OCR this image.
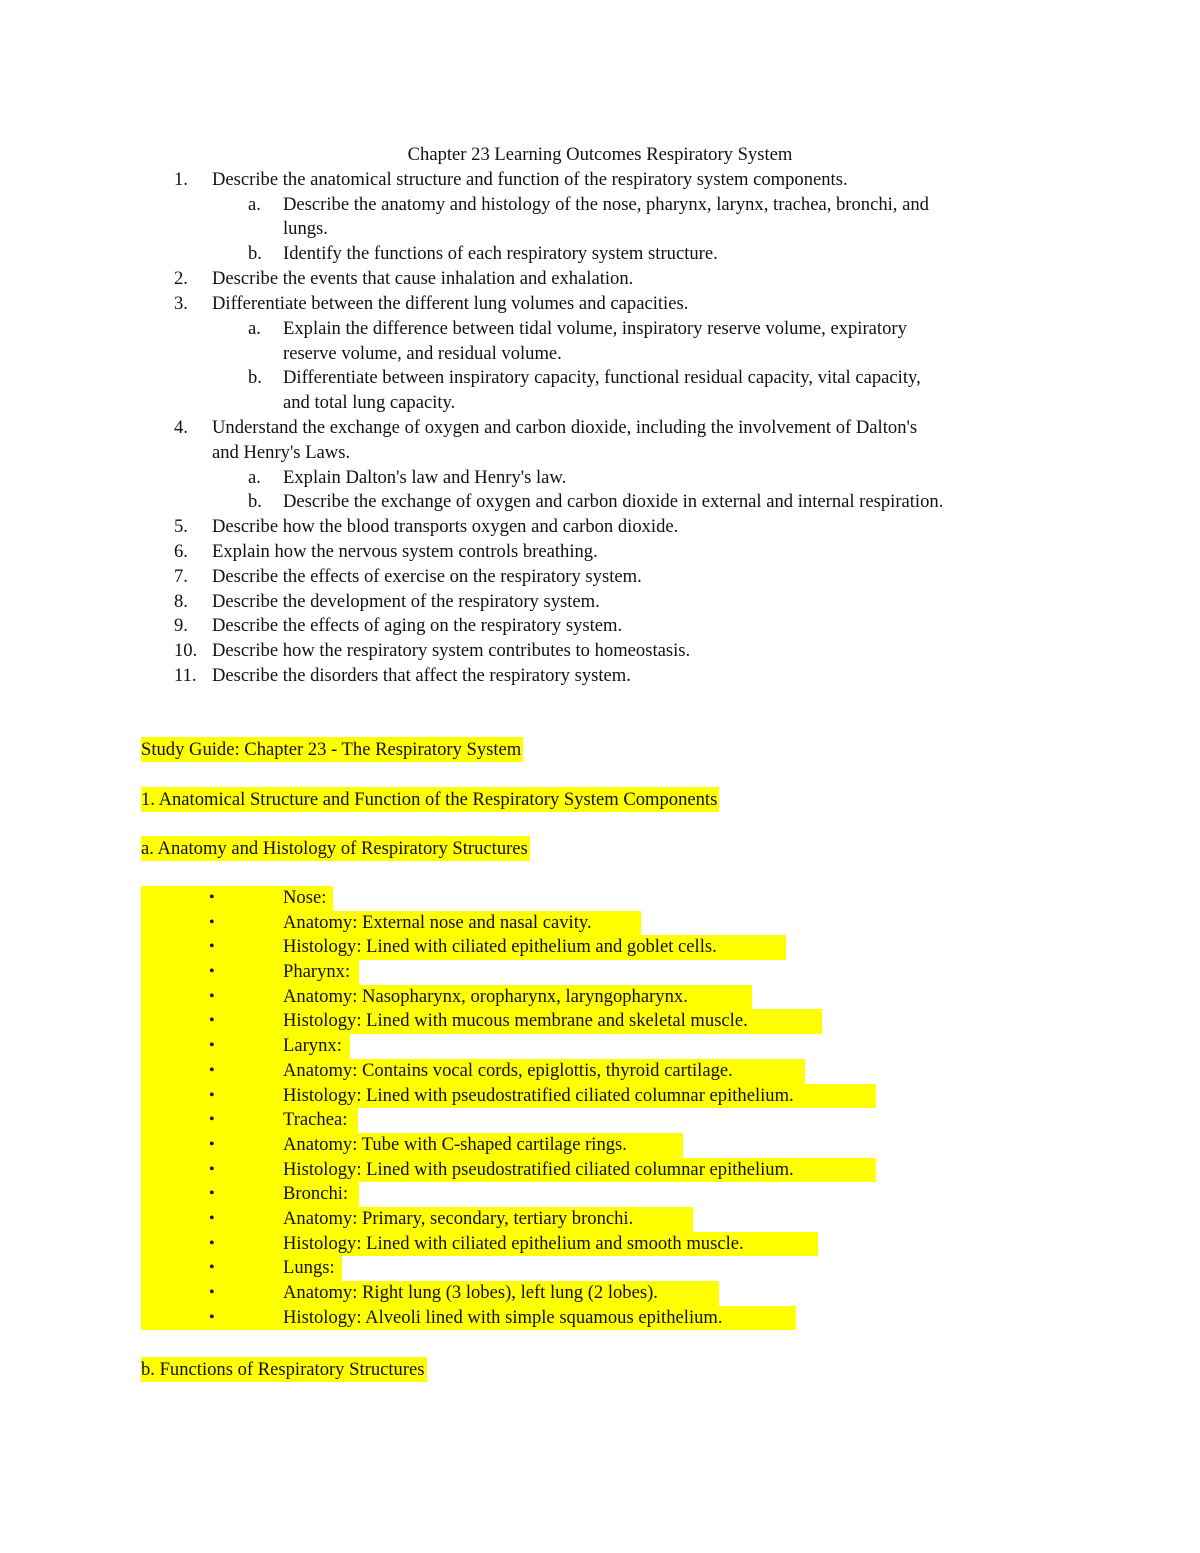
Chapter 23 Learning Outcomes Respiratory System
1.	Describe the anatomical structure and function of the respiratory system components.
a. Describe the anatomy and histology of the nose, pharynx, larynx, trachea, bronchi, and
lungs.
b. Identify the functions of each respiratory system structure.
2.	Describe the events that cause inhalation and exhalation.
3.	Differentiate between the different lung volumes and capacities.
a. Explain the difference between tidal volume, inspiratory reserve volume, expiratory
reserve volume, and residual volume.
b. Differentiate between inspiratory capacity, functional residual capacity, vital capacity,
and total lung capacity.
4.	Understand the exchange of oxygen and carbon dioxide, including the involvement of Dalton's
and Henry's Laws.
a. Explain Dalton's law and Henry's law.
b. Describe the exchange of oxygen and carbon dioxide in external and internal respiration.
5.	Describe how the blood transports oxygen and carbon dioxide.
6.	Explain how the nervous system controls breathing.
7.	Describe the effects of exercise on the respiratory system.
8.	Describe the development of the respiratory system.
9.	Describe the effects of aging on the respiratory system.
10. Describe how the respiratory system contributes to homeostasis.
11. Describe the disorders that affect the respiratory system.
Study Guide: Chapter 23 - The Respiratory System
1. Anatomical Structure and Function of the Respiratory System Components
a. Anatomy and Histology of Respiratory Structures
•	Nose:
•	Anatomy: External nose and nasal cavity.
•	Histology: Lined with ciliated epithelium and goblet cells.
•	Pharynx:
•	Anatomy: Nasopharynx, oropharynx, laryngopharynx.
•	Histology: Lined with mucous membrane and skeletal muscle.
•	Larynx:
•	Anatomy: Contains vocal cords, epiglottis, thyroid cartilage.
•	Histology: Lined with pseudostratified ciliated columnar epithelium.
•	Trachea:
•	Anatomy: Tube with C-shaped cartilage rings.
•	Histology: Lined with pseudostratified ciliated columnar epithelium.
•	Bronchi:
•	Anatomy: Primary, secondary, tertiary bronchi.
•	Histology: Lined with ciliated epithelium and smooth muscle.
•	Lungs:
•	Anatomy: Right lung (3 lobes), left lung (2 lobes).
•	Histology: Alveoli lined with simple squamous epithelium.
b. Functions of Respiratory Structures
